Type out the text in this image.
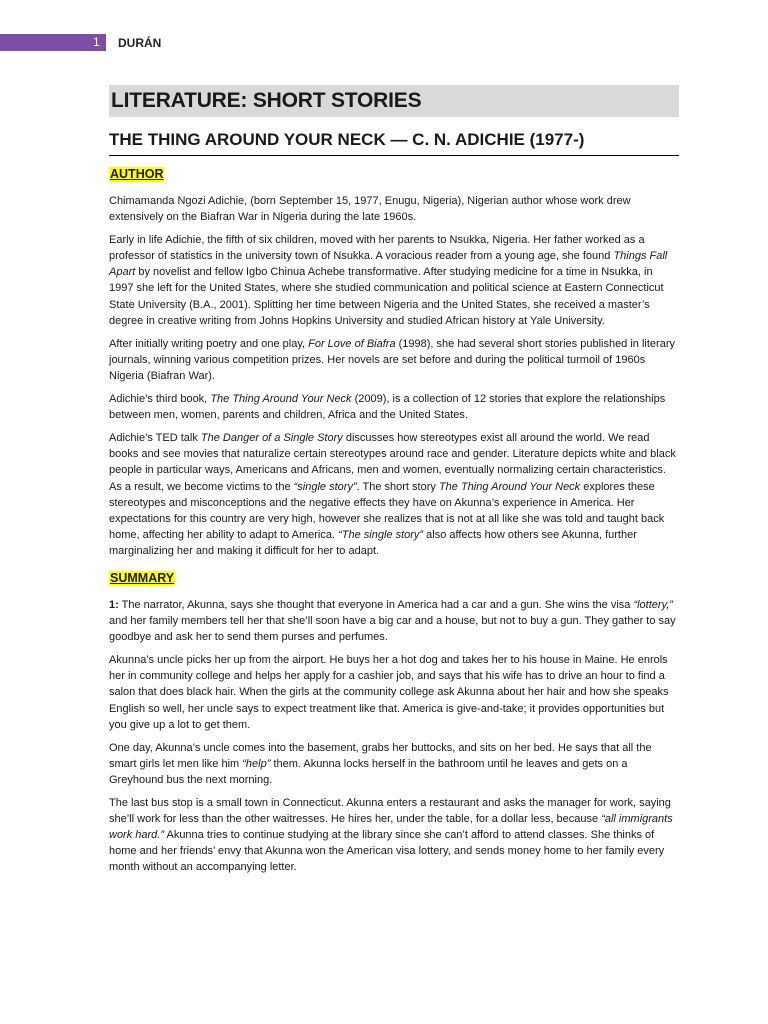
1 DURÁN
LITERATURE: SHORT STORIES
THE THING AROUND YOUR NECK — C. N. ADICHIE (1977-)
AUTHOR

Chimamanda Ngozi Adichie, (born September 15, 1977, Enugu, Nigeria), Nigerian author whose work drew extensively on the Biafran War in Nigeria during the late 1960s.

Early in life Adichie, the fifth of six children, moved with her parents to Nsukka, Nigeria. Her father worked as a professor of statistics in the university town of Nsukka. A voracious reader from a young age, she found Things Fall Apart by novelist and fellow Igbo Chinua Achebe transformative. After studying medicine for a time in Nsukka, in 1997 she left for the United States, where she studied communication and political science at Eastern Connecticut State University (B.A., 2001). Splitting her time between Nigeria and the United States, she received a master’s degree in creative writing from Johns Hopkins University and studied African history at Yale University.

After initially writing poetry and one play, For Love of Biafra (1998), she had several short stories published in literary journals, winning various competition prizes. Her novels are set before and during the political turmoil of 1960s Nigeria (Biafran War).

Adichie’s third book, The Thing Around Your Neck (2009), is a collection of 12 stories that explore the relationships between men, women, parents and children, Africa and the United States.

Adichie’s TED talk The Danger of a Single Story discusses how stereotypes exist all around the world. We read books and see movies that naturalize certain stereotypes around race and gender. Literature depicts white and black people in particular ways, Americans and Africans, men and women, eventually normalizing certain characteristics. As a result, we become victims to the “single story”. The short story The Thing Around Your Neck explores these stereotypes and misconceptions and the negative effects they have on Akunna’s experience in America. Her expectations for this country are very high, however she realizes that is not at all like she was told and taught back home, affecting her ability to adapt to America. “The single story” also affects how others see Akunna, further marginalizing her and making it difficult for her to adapt.

SUMMARY

1: The narrator, Akunna, says she thought that everyone in America had a car and a gun. She wins the visa “lottery,” and her family members tell her that she’ll soon have a big car and a house, but not to buy a gun. They gather to say goodbye and ask her to send them purses and perfumes.

Akunna’s uncle picks her up from the airport. He buys her a hot dog and takes her to his house in Maine. He enrols her in community college and helps her apply for a cashier job, and says that his wife has to drive an hour to find a salon that does black hair. When the girls at the community college ask Akunna about her hair and how she speaks English so well, her uncle says to expect treatment like that. America is give-and-take; it provides opportunities but you give up a lot to get them.

One day, Akunna’s uncle comes into the basement, grabs her buttocks, and sits on her bed. He says that all the smart girls let men like him “help” them. Akunna locks herself in the bathroom until he leaves and gets on a Greyhound bus the next morning.

The last bus stop is a small town in Connecticut. Akunna enters a restaurant and asks the manager for work, saying she’ll work for less than the other waitresses. He hires her, under the table, for a dollar less, because “all immigrants work hard.” Akunna tries to continue studying at the library since she can’t afford to attend classes. She thinks of home and her friends’ envy that Akunna won the American visa lottery, and sends money home to her family every month without an accompanying letter.
